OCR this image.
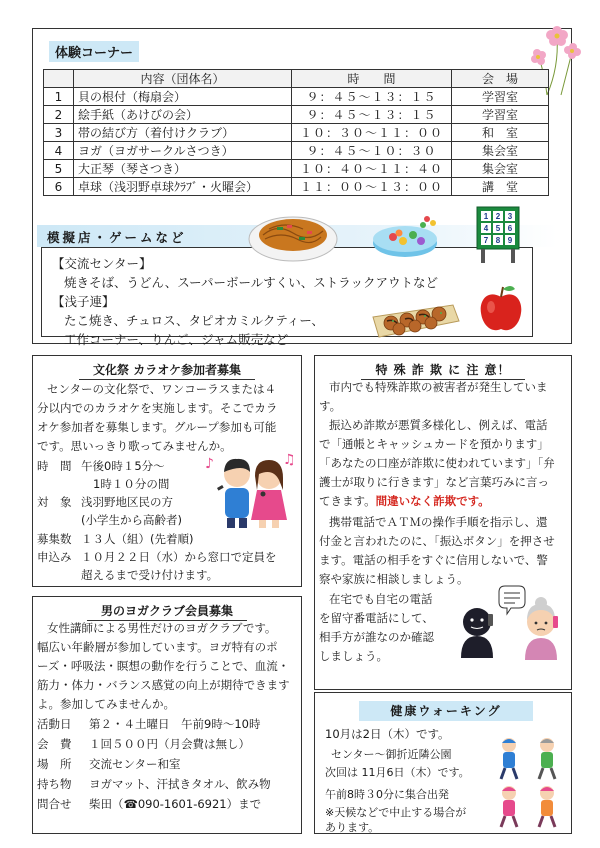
体験コーナー
	内容（団体名）	時　　間	会　場
1	貝の根付（梅扇会）	９：４５～１３：１５	学習室
2	絵手紙（あけびの会）	９：４５～１３：１５	学習室
3	帯の結び方（着付けクラブ）	１０：３０～１１：００	和　室
4	ヨガ（ヨガサークルさつき）	９：４５～１０：３０	集会室
5	大正琴（琴さつき）	１０：４０～１１：４０	集会室
6	卓球（浅羽野卓球ｸﾗﾌﾞ・火曜会）	１１：００～１３：００	講　堂
模擬店・ゲームなど
【交流センター】
焼きそば、うどん、スーパーボールすくい、ストラックアウトなど
【浅子連】
たこ焼き、チュロス、タピオカミルクティー、
工作コーナー、りんご、ジャム販売など
1 2 3
4 5 6
7 8 9
文化祭 カラオケ参加者募集
センターの文化祭で、ワンコーラスまたは４
分以内でのカラオケを実施します。そこでカラ
オケ参加者を募集します。グループ参加も可能
です。思いっきり歌ってみませんか。
時　間 午後0時１5分～
1時１０分の間
対　象 浅羽野地区民の方
(小学生から高齢者)
募集数 １３人（組）(先着順)
申込み １０月２２日（水）から窓口で定員を
超えるまで受け付けます。
♪	♫
男のヨガクラブ会員募集
女性講師による男性だけのヨガクラブです。
幅広い年齢層が参加しています。ヨガ特有のポ
ーズ・呼吸法・瞑想の動作を行うことで、血流・
筋力・体力・バランス感覚の向上が期待できます
よ。参加してみませんか。
活動日 第２・４土曜日　午前9時～10時
会　費 １回５００円（月会費は無し）
場　所 交流センター和室
持ち物 ヨガマット、汗拭きタオル、飲み物
問合せ 柴田（☎090-1601-6921）まで
特 殊 詐 欺 に 注 意！
市内でも特殊詐欺の被害者が発生していま
す。
振込め詐欺が悪質多様化し、例えば、電話
で「通帳とキャッシュカードを預かります」
「あなたの口座が詐欺に使われています」｢弁
護士が取りに行きます」など言葉巧みに言っ
てきます。間違いなく詐欺です。
携帯電話でＡＴＭの操作手順を指示し、還
付金と言われたのに、「振込ボタン」を押させ
ます。電話の相手をすぐに信用しないで、警
察や家族に相談しましょう。
在宅でも自宅の電話
を留守番電話にして、
相手方が誰なのか確認
しましょう。
健康ウォーキング
10月は2日（木）です。
センター～御折近隣公園
次回は 11月6日（木）です。
午前8時３0分に集合出発
※天候などで中止する場合が
あります。
